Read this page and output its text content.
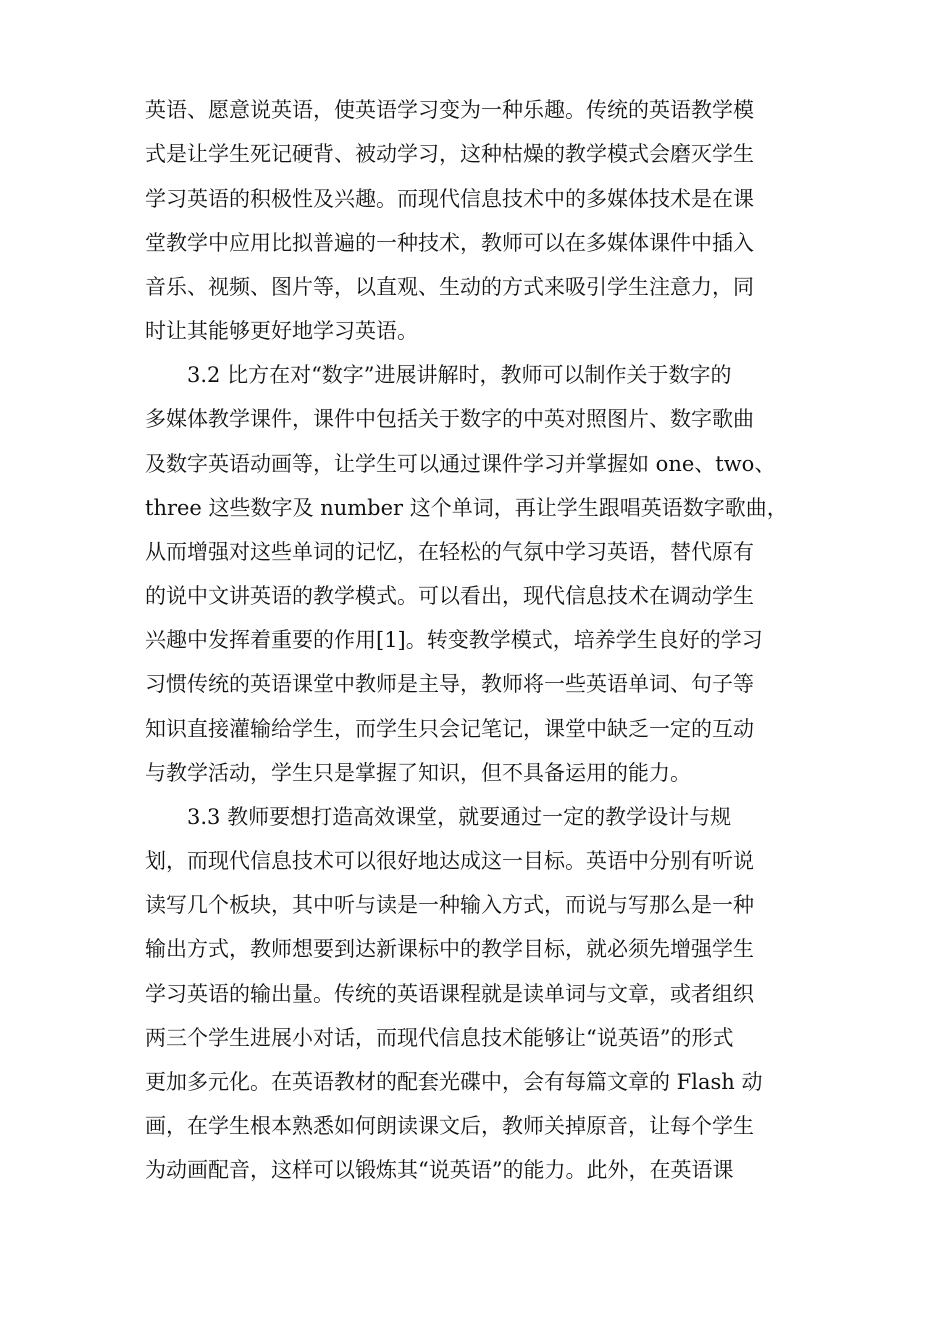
英语、愿意说英语，使英语学习变为一种乐趣。传统的英语教学模
式是让学生死记硬背、被动学习，这种枯燥的教学模式会磨灭学生
学习英语的积极性及兴趣。而现代信息技术中的多媒体技术是在课
堂教学中应用比拟普遍的一种技术，教师可以在多媒体课件中插入
音乐、视频、图片等，以直观、生动的方式来吸引学生注意力，同
时让其能够更好地学习英语。
3.2 比方在对“数字”进展讲解时，教师可以制作关于数字的
多媒体教学课件，课件中包括关于数字的中英对照图片、数字歌曲
及数字英语动画等，让学生可以通过课件学习并掌握如 one、two、
three 这些数字及 number 这个单词，再让学生跟唱英语数字歌曲，
从而增强对这些单词的记忆，在轻松的气氛中学习英语，替代原有
的说中文讲英语的教学模式。可以看出，现代信息技术在调动学生
兴趣中发挥着重要的作用[1]。转变教学模式，培养学生良好的学习
习惯传统的英语课堂中教师是主导，教师将一些英语单词、句子等
知识直接灌输给学生，而学生只会记笔记，课堂中缺乏一定的互动
与教学活动，学生只是掌握了知识，但不具备运用的能力。
3.3 教师要想打造高效课堂，就要通过一定的教学设计与规
划，而现代信息技术可以很好地达成这一目标。英语中分别有听说
读写几个板块，其中听与读是一种输入方式，而说与写那么是一种
输出方式，教师想要到达新课标中的教学目标，就必须先增强学生
学习英语的输出量。传统的英语课程就是读单词与文章，或者组织
两三个学生进展小对话，而现代信息技术能够让“说英语”的形式
更加多元化。在英语教材的配套光碟中，会有每篇文章的 Flash 动
画，在学生根本熟悉如何朗读课文后，教师关掉原音，让每个学生
为动画配音，这样可以锻炼其“说英语”的能力。此外，在英语课
